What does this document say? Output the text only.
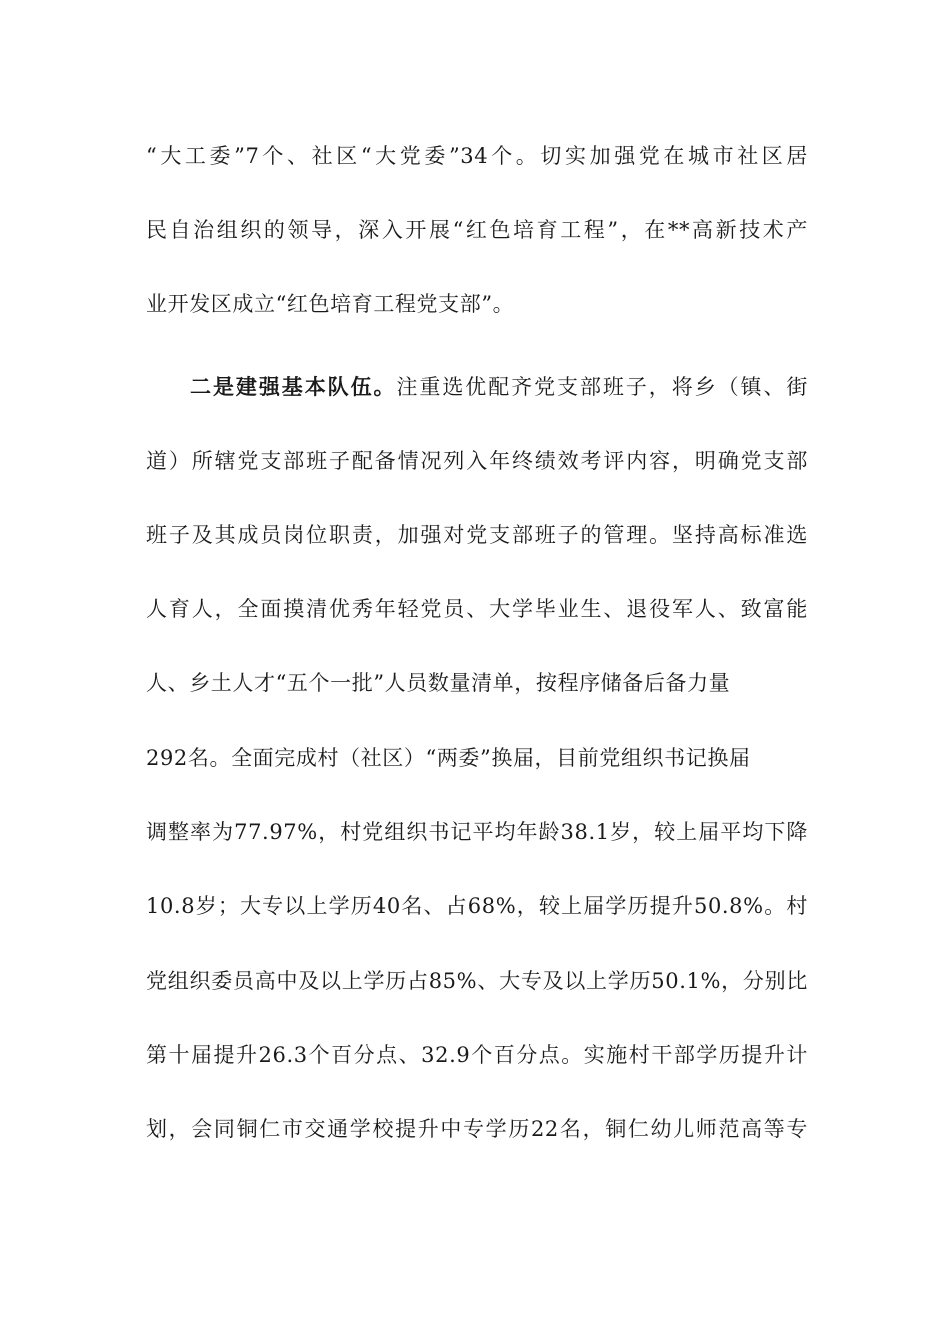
“大工委”7个、社区“大党委”34个。切实加强党在城市社区居
民自治组织的领导，深入开展“红色培育工程”，在**高新技术产
业开发区成立“红色培育工程党支部”。
二是建强基本队伍。注重选优配齐党支部班子，将乡（镇、街
道）所辖党支部班子配备情况列入年终绩效考评内容，明确党支部
班子及其成员岗位职责，加强对党支部班子的管理。坚持高标准选
人育人，全面摸清优秀年轻党员、大学毕业生、退役军人、致富能
人、乡土人才“五个一批”人员数量清单，按程序储备后备力量
292名。全面完成村（社区）“两委”换届，目前党组织书记换届
调整率为77.97%，村党组织书记平均年龄38.1岁，较上届平均下降
10.8岁；大专以上学历40名、占68%，较上届学历提升50.8%。村
党组织委员高中及以上学历占85%、大专及以上学历50.1%，分别比
第十届提升26.3个百分点、32.9个百分点。实施村干部学历提升计
划，会同铜仁市交通学校提升中专学历22名，铜仁幼儿师范高等专
